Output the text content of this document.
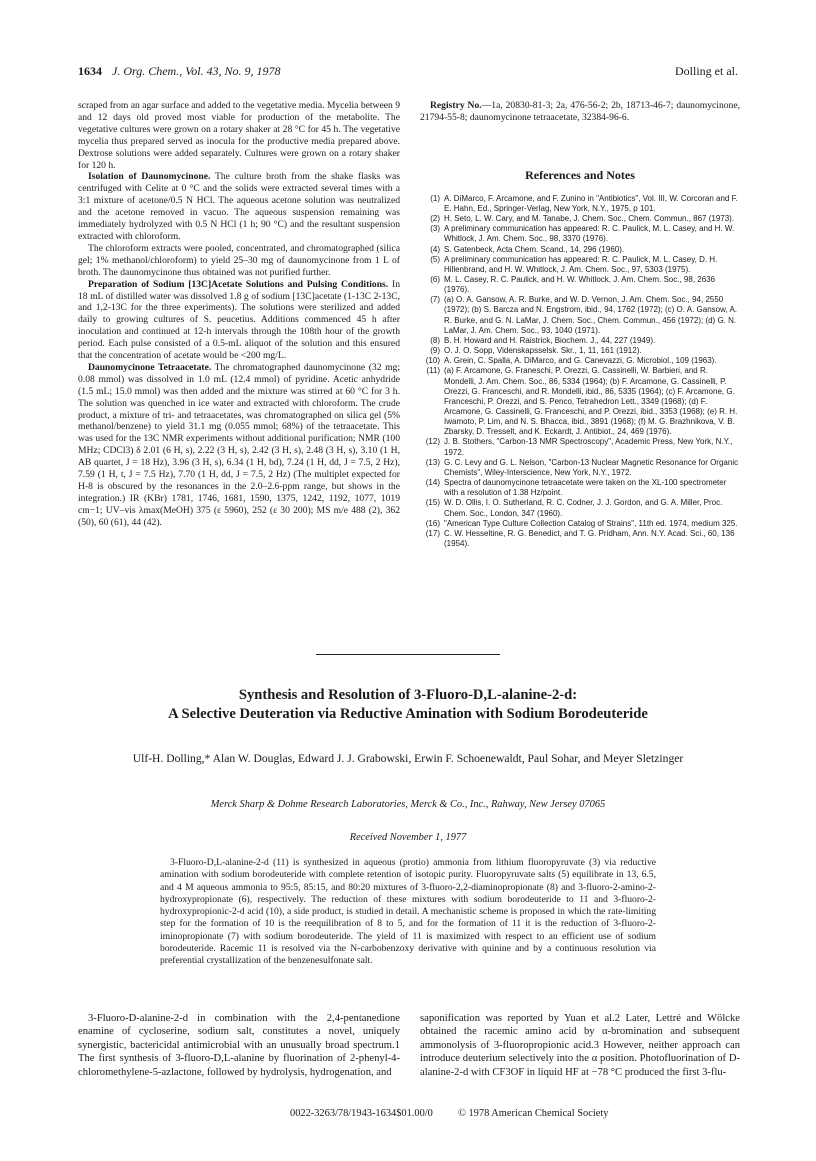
1634 J. Org. Chem., Vol. 43, No. 9, 1978	Dolling et al.

scraped from an agar surface and added to the vegetative media. Mycelia between 9 and 12 days old proved most viable for production of the metabolite. The vegetative cultures were grown on a rotary shaker at 28 °C for 45 h. The vegetative mycelia thus prepared served as inocula for the productive media prepared above. Dextrose solutions were added separately. Cultures were grown on a rotary shaker for 120 h.

Isolation of Daunomycinone. The culture broth from the shake flasks was centrifuged with Celite at 0 °C and the solids were extracted several times with a 3:1 mixture of acetone/0.5 N HCl. The aqueous acetone solution was neutralized and the acetone removed in vacuo. The aqueous suspension remaining was immediately hydrolyzed with 0.5 N HCl (1 h; 90 °C) and the resultant suspension extracted with chloroform.

The chloroform extracts were pooled, concentrated, and chromatographed (silica gel; 1% methanol/chloroform) to yield 25–30 mg of daunomycinone from 1 L of broth. The daunomycinone thus obtained was not purified further.

Preparation of Sodium [13C]Acetate Solutions and Pulsing Conditions. In 18 mL of distilled water was dissolved 1.8 g of sodium [13C]acetate (1-13C 2-13C, and 1,2-13C for the three experiments). The solutions were sterilized and added daily to growing cultures of S. peucetius. Additions commenced 45 h after inoculation and continued at 12-h intervals through the 108th hour of the growth period. Each pulse consisted of a 0.5-mL aliquot of the solution and this ensured that the concentration of acetate would be <200 mg/L.

Daunomycinone Tetraacetate. The chromatographed daunomycinone (32 mg; 0.08 mmol) was dissolved in 1.0 mL (12.4 mmol) of pyridine. Acetic anhydride (1.5 mL; 15.0 mmol) was then added and the mixture was stirred at 60 °C for 3 h. The solution was quenched in ice water and extracted with chloroform. The crude product, a mixture of tri- and tetraacetates, was chromatographed on silica gel (5% methanol/benzene) to yield 31.1 mg (0.055 mmol; 68%) of the tetraacetate. This was used for the 13C NMR experiments without additional purification; NMR (100 MHz; CDCl3) δ 2.01 (6 H, s), 2.22 (3 H, s), 2.42 (3 H, s), 2.48 (3 H, s), 3.10 (1 H, AB quartet, J = 18 Hz), 3.96 (3 H, s), 6.34 (1 H, bd), 7.24 (1 H, dd, J = 7.5, 2 Hz), 7.59 (1 H, t, J = 7.5 Hz), 7.70 (1 H, dd, J = 7.5, 2 Hz) (The multiplet expected for H-8 is obscured by the resonances in the 2.0–2.6-ppm range, but shows in the integration.) IR (KBr) 1781, 1746, 1681, 1590, 1375, 1242, 1192, 1077, 1019 cm−1; UV–vis λmax(MeOH) 375 (ε 5960), 252 (ε 30 200); MS m/e 488 (2), 362 (50), 60 (61), 44 (42).

Registry No.—1a, 20830-81-3; 2a, 476-56-2; 2b, 18713-46-7; daunomycinone, 21794-55-8; daunomycinone tetraacetate, 32384-96-6.

References and Notes
(1) A. DiMarco, F. Arcamone, and F. Zunino in "Antibiotics", Vol. III, W. Corcoran and F. E. Hahn, Ed., Springer-Verlag, New York, N.Y., 1975, p 101.
(2) H. Seto, L. W. Cary, and M. Tanabe, J. Chem. Soc., Chem. Commun., 867 (1973).
(3) A preliminary communication has appeared: R. C. Paulick, M. L. Casey, and H. W. Whitlock, J. Am. Chem. Soc., 98, 3370 (1976).
(4) S. Gatenbeck, Acta Chem. Scand., 14, 296 (1960).
(5) A preliminary communication has appeared: R. C. Paulick, M. L. Casey, D. H. Hillenbrand, and H. W. Whitlock, J. Am. Chem. Soc., 97, 5303 (1975).
(6) M. L. Casey, R. C. Paulick, and H. W. Whitlock, J. Am. Chem. Soc., 98, 2636 (1976).
(7) (a) O. A. Gansow, A. R. Burke, and W. D. Vernon, J. Am. Chem. Soc., 94, 2550 (1972); (b) S. Barcza and N. Engstrom, ibid., 94, 1762 (1972); (c) O. A. Gansow, A. R. Burke, and G. N. LaMar, J. Chem. Soc., Chem. Commun., 456 (1972); (d) G. N. LaMar, J. Am. Chem. Soc., 93, 1040 (1971).
(8) B. H. Howard and H. Raistrick, Biochem. J., 44, 227 (1949).
(9) O. J. O. Sopp, Videnskapsselsk. Skr., 1, 11, 161 (1912).
(10) A. Grein, C. Spalla, A. DiMarco, and G. Canevazzi, G. Microbiol., 109 (1963).
(11) (a) F. Arcamone, G. Franeschi, P. Orezzi, G. Cassinelli, W. Barbieri, and R. Mondelli, J. Am. Chem. Soc., 86, 5334 (1964); (b) F. Arcamone, G. Cassinelli, P. Orezzi, G. Franceschi, and R. Mondelli, ibid., 86, 5335 (1964); (c) F. Arcamone, G. Franceschi, P. Orezzi, and S. Penco, Tetrahedron Lett., 3349 (1968); (d) F. Arcamone, G. Cassinelli, G. Franceschi, and P. Orezzi, ibid., 3353 (1968); (e) R. H. Iwamoto, P. Lim, and N. S. Bhacca, ibid., 3891 (1968); (f) M. G. Brazhnikova, V. B. Zbarsky, D. Tresselt, and K. Eckardt, J. Antibiot., 24, 469 (1976).
(12) J. B. Stothers, "Carbon-13 NMR Spectroscopy", Academic Press, New York, N.Y., 1972.
(13) G. C. Levy and G. L. Nelson, "Carbon-13 Nuclear Magnetic Resonance for Organic Chemists", Wiley-Interscience, New York, N.Y., 1972.
(14) Spectra of daunomycinone tetraacetate were taken on the XL-100 spectrometer with a resolution of 1.38 Hz/point.
(15) W. D. Ollis, I. O. Sutherland, R. C. Codner, J. J. Gordon, and G. A. Miller, Proc. Chem. Soc., London, 347 (1960).
(16) "American Type Culture Collection Catalog of Strains", 11th ed. 1974, medium 325.
(17) C. W. Hesseltine, R. G. Benedict, and T. G. Pridham, Ann. N.Y. Acad. Sci., 60, 136 (1954).
Synthesis and Resolution of 3-Fluoro-D,L-alanine-2-d:
A Selective Deuteration via Reductive Amination with Sodium Borodeuteride
Ulf-H. Dolling,* Alan W. Douglas, Edward J. J. Grabowski, Erwin F. Schoenewaldt, Paul Sohar, and Meyer Sletzinger
Merck Sharp & Dohme Research Laboratories, Merck & Co., Inc., Rahway, New Jersey 07065
Received November 1, 1977
3-Fluoro-D,L-alanine-2-d (11) is synthesized in aqueous (protio) ammonia from lithium fluoropyruvate (3) via reductive amination with sodium borodeuteride with complete retention of isotopic purity. Fluoropyruvate salts (5) equilibrate in 13, 6.5, and 4 M aqueous ammonia to 95:5, 85:15, and 80:20 mixtures of 3-fluoro-2,2-diaminopropionate (8) and 3-fluoro-2-amino-2-hydroxypropionate (6), respectively. The reduction of these mixtures with sodium borodeuteride to 11 and 3-fluoro-2-hydroxypropionic-2-d acid (10), a side product, is studied in detail. A mechanistic scheme is proposed in which the rate-limiting step for the formation of 10 is the reequilibration of 8 to 5, and for the formation of 11 it is the reduction of 3-fluoro-2-iminopropionate (7) with sodium borodeuteride. The yield of 11 is maximized with respect to an efficient use of sodium borodeuteride. Racemic 11 is resolved via the N-carbobenzoxy derivative with quinine and by a continuous resolution via preferential crystallization of the benzenesulfonate salt.

3-Fluoro-D-alanine-2-d in combination with the 2,4-pentanedione enamine of cycloserine, sodium salt, constitutes a novel, uniquely synergistic, bactericidal antimicrobial with an unusually broad spectrum.1 The first synthesis of 3-fluoro-D,L-alanine by fluorination of 2-phenyl-4-chloromethylene-5-azlactone, followed by hydrolysis, hydrogenation, and

saponification was reported by Yuan et al.2 Later, Lettré and Wölcke obtained the racemic amino acid by α-bromination and subsequent ammonolysis of 3-fluoropropionic acid.3 However, neither approach can introduce deuterium selectively into the α position. Photofluorination of D-alanine-2-d with CF3OF in liquid HF at −78 °C produced the first 3-flu-

0022-3263/78/1943-1634$01.00/0 © 1978 American Chemical Society
